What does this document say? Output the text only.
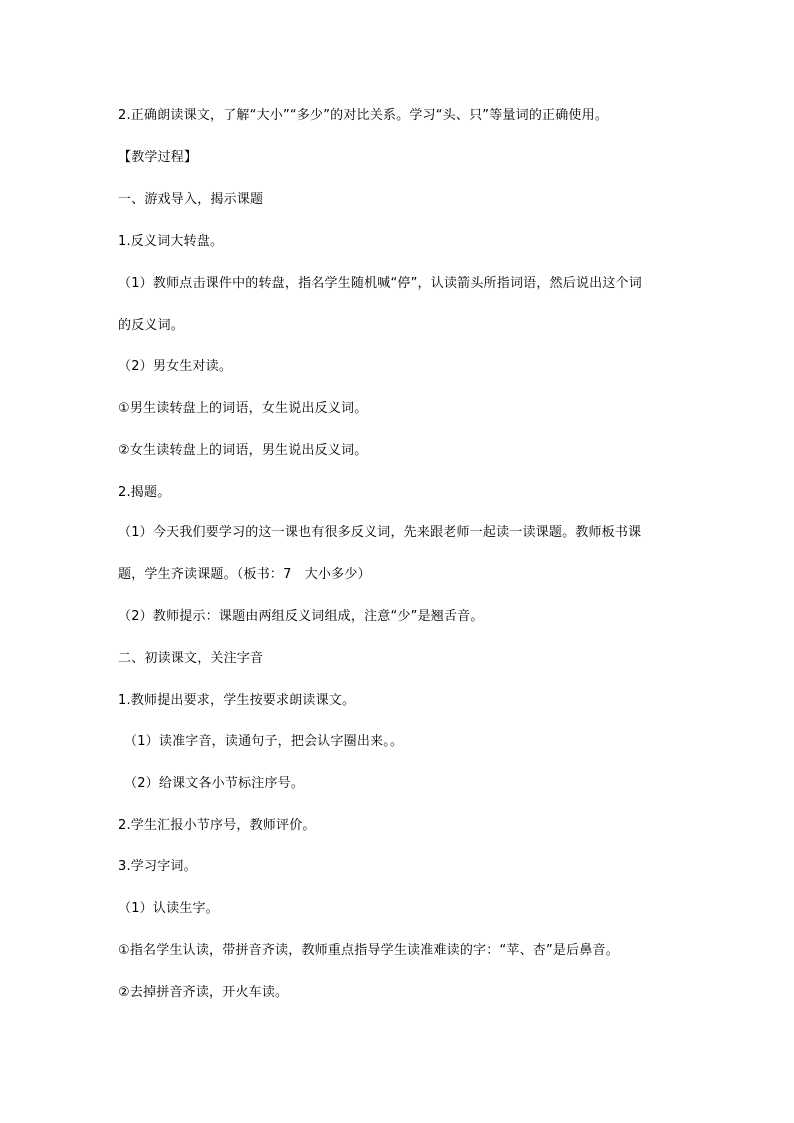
2.正确朗读课文，了解“大小”“多少”的对比关系。学习“头、只”等量词的正确使用。
【教学过程】
一、游戏导入，揭示课题
1.反义词大转盘。
（1）教师点击课件中的转盘，指名学生随机喊“停”，认读箭头所指词语，然后说出这个词
的反义词。
（2）男女生对读。
①男生读转盘上的词语，女生说出反义词。
②女生读转盘上的词语，男生说出反义词。
2.揭题。
（1）今天我们要学习的这一课也有很多反义词，先来跟老师一起读一读课题。教师板书课
题，学生齐读课题。（板书：7　大小多少）
（2）教师提示：课题由两组反义词组成，注意“少”是翘舌音。
二、初读课文，关注字音
1.教师提出要求，学生按要求朗读课文。
（1）读准字音，读通句子，把会认字圈出来。。
（2）给课文各小节标注序号。
2.学生汇报小节序号，教师评价。
3.学习字词。
（1）认读生字。
①指名学生认读，带拼音齐读，教师重点指导学生读准难读的字：“苹、杏”是后鼻音。
②去掉拼音齐读，开火车读。
